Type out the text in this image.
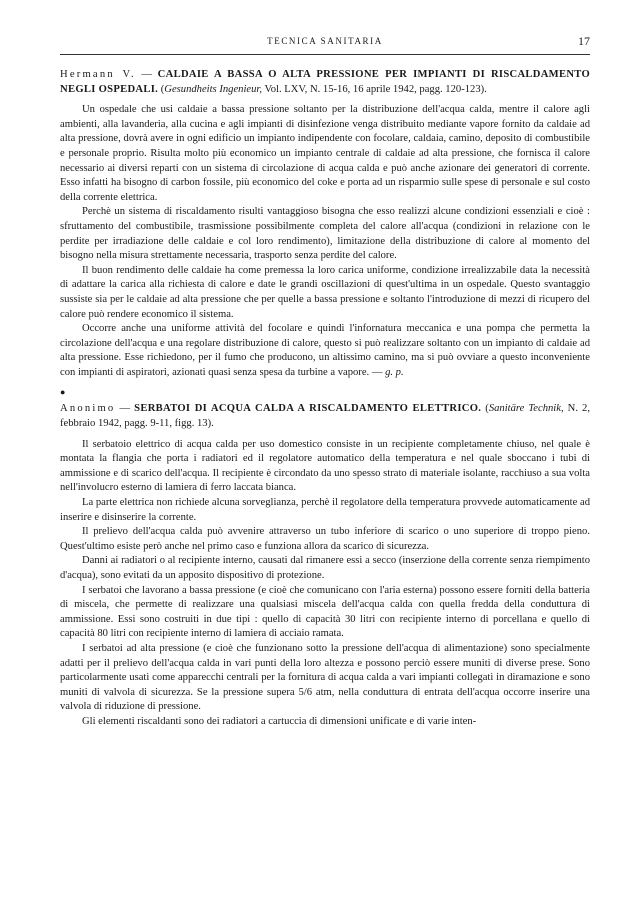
TECNICA SANITARIA	17

Hermann V. — CALDAIE A BASSA O ALTA PRESSIONE PER IMPIANTI DI RISCALDAMENTO NEGLI OSPEDALI. (Gesundheits Ingenieur, Vol. LXV, N. 15-16, 16 aprile 1942, pagg. 120-123).

Un ospedale che usi caldaie a bassa pressione soltanto per la distribuzione dell'acqua calda, mentre il calore agli ambienti, alla lavanderia, alla cucina e agli impianti di disinfezione venga distribuito mediante vapore fornito da caldaie ad alta pressione, dovrà avere in ogni edificio un impianto indipendente con focolare, caldaia, camino, deposito di combustibile e personale proprio. Risulta molto più economico un impianto centrale di caldaie ad alta pressione, che fornisca il calore necessario ai diversi reparti con un sistema di circolazione di acqua calda e può anche azionare dei generatori di corrente. Esso infatti ha bisogno di carbon fossile, più economico del coke e porta ad un risparmio sulle spese di personale e sul costo della corrente elettrica.

Perchè un sistema di riscaldamento risulti vantaggioso bisogna che esso realizzi alcune condizioni essenziali e cioè : sfruttamento del combustibile, trasmissione possibilmente completa del calore all'acqua (condizioni in relazione con le perdite per irradiazione delle caldaie e col loro rendimento), limitazione della distribuzione di calore al momento del bisogno nella misura strettamente necessaria, trasporto senza perdite del calore.

Il buon rendimento delle caldaie ha come premessa la loro carica uniforme, condizione irrealizzabile data la necessità di adattare la carica alla richiesta di calore e date le grandi oscillazioni di quest'ultima in un ospedale. Questo svantaggio sussiste sia per le caldaie ad alta pressione che per quelle a bassa pressione e soltanto l'introduzione di mezzi di ricupero del calore può rendere economico il sistema.

Occorre anche una uniforme attività del focolare e quindi l'infornatura meccanica e una pompa che permetta la circolazione dell'acqua e una regolare distribuzione di calore, questo si può realizzare soltanto con un impianto di caldaie ad alta pressione. Esse richiedono, per il fumo che producono, un altissimo camino, ma si può ovviare a questo inconveniente con impianti di aspiratori, azionati quasi senza spesa da turbine a vapore. — g. p.

●

Anonimo — SERBATOI DI ACQUA CALDA A RISCALDAMENTO ELETTRICO. (Sanitäre Technik, N. 2, febbraio 1942, pagg. 9-11, figg. 13).

Il serbatoio elettrico di acqua calda per uso domestico consiste in un recipiente completamente chiuso, nel quale è montata la flangia che porta i radiatori ed il regolatore automatico della temperatura e nel quale sboccano i tubi di ammissione e di scarico dell'acqua. Il recipiente è circondato da uno spesso strato di materiale isolante, racchiuso a sua volta nell'involucro esterno di lamiera di ferro laccata bianca.

La parte elettrica non richiede alcuna sorveglianza, perchè il regolatore della temperatura provvede automaticamente ad inserire e disinserire la corrente.

Il prelievo dell'acqua calda può avvenire attraverso un tubo inferiore di scarico o uno superiore di troppo pieno. Quest'ultimo esiste però anche nel primo caso e funziona allora da scarico di sicurezza.

Danni ai radiatori o al recipiente interno, causati dal rimanere essi a secco (inserzione della corrente senza riempimento d'acqua), sono evitati da un apposito dispositivo di protezione.

I serbatoi che lavorano a bassa pressione (e cioè che comunicano con l'aria esterna) possono essere forniti della batteria di miscela, che permette di realizzare una qualsiasi miscela dell'acqua calda con quella fredda della conduttura di ammissione. Essi sono costruiti in due tipi : quello di capacità 30 litri con recipiente interno di porcellana e quello di capacità 80 litri con recipiente interno di lamiera di acciaio ramata.

I serbatoi ad alta pressione (e cioè che funzionano sotto la pressione dell'acqua di alimentazione) sono specialmente adatti per il prelievo dell'acqua calda in vari punti della loro altezza e possono perciò essere muniti di diverse prese. Sono particolarmente usati come apparecchi centrali per la fornitura di acqua calda a vari impianti collegati in diramazione e sono muniti di valvola di sicurezza. Se la pressione supera 5/6 atm, nella conduttura di entrata dell'acqua occorre inserire una valvola di riduzione di pressione.

Gli elementi riscaldanti sono dei radiatori a cartuccia di dimensioni unificate e di varie inten-
